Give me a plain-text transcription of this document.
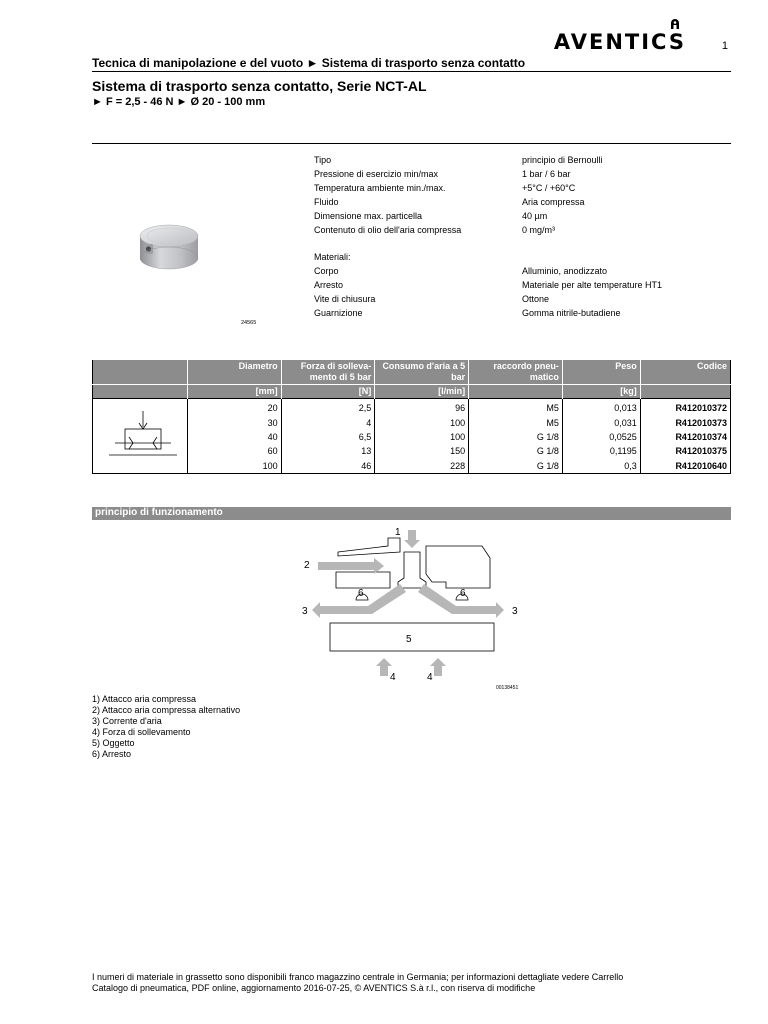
AVENTICS	1
Tecnica di manipolazione e del vuoto ► Sistema di trasporto senza contatto
Sistema di trasporto senza contatto, Serie NCT-AL
► F = 2,5 - 46 N ► Ø 20 - 100 mm
24565
Tipo	principio di Bernoulli
Pressione di esercizio min/max	1 bar / 6 bar
Temperatura ambiente min./max.	+5°C / +60°C
Fluido	Aria compressa
Dimensione max. particella	40 µm
Contenuto di olio dell'aria compressa	0 mg/m³
Materiali:
Corpo	Alluminio, anodizzato
Arresto	Materiale per alte temperature HT1
Vite di chiusura	Ottone
Guarnizione	Gomma nitrile-butadiene
	Diametro	Forza di solleva- mento di 5 bar	Consumo d'aria a 5 bar	raccordo pneu- matico	Peso	Codice
	[mm]	[N]	[l/min]		[kg]	
	20	2,5	96	M5	0,013	R412010372
	30	4	100	M5	0,031	R412010373
	40	6,5	100	G 1/8	0,0525	R412010374
	60	13	150	G 1/8	0,1195	R412010375
	100	46	228	G 1/8	0,3	R412010640
principio di funzionamento
1
2
3	3
5
6	6
4	4
00138451
1) Attacco aria compressa
2) Attacco aria compressa alternativo
3) Corrente d'aria
4) Forza di sollevamento
5) Oggetto
6) Arresto
I numeri di materiale in grassetto sono disponibili franco magazzino centrale in Germania; per informazioni dettagliate vedere Carrello
Catalogo di pneumatica, PDF online, aggiornamento 2016-07-25, © AVENTICS S.à r.l., con riserva di modifiche
